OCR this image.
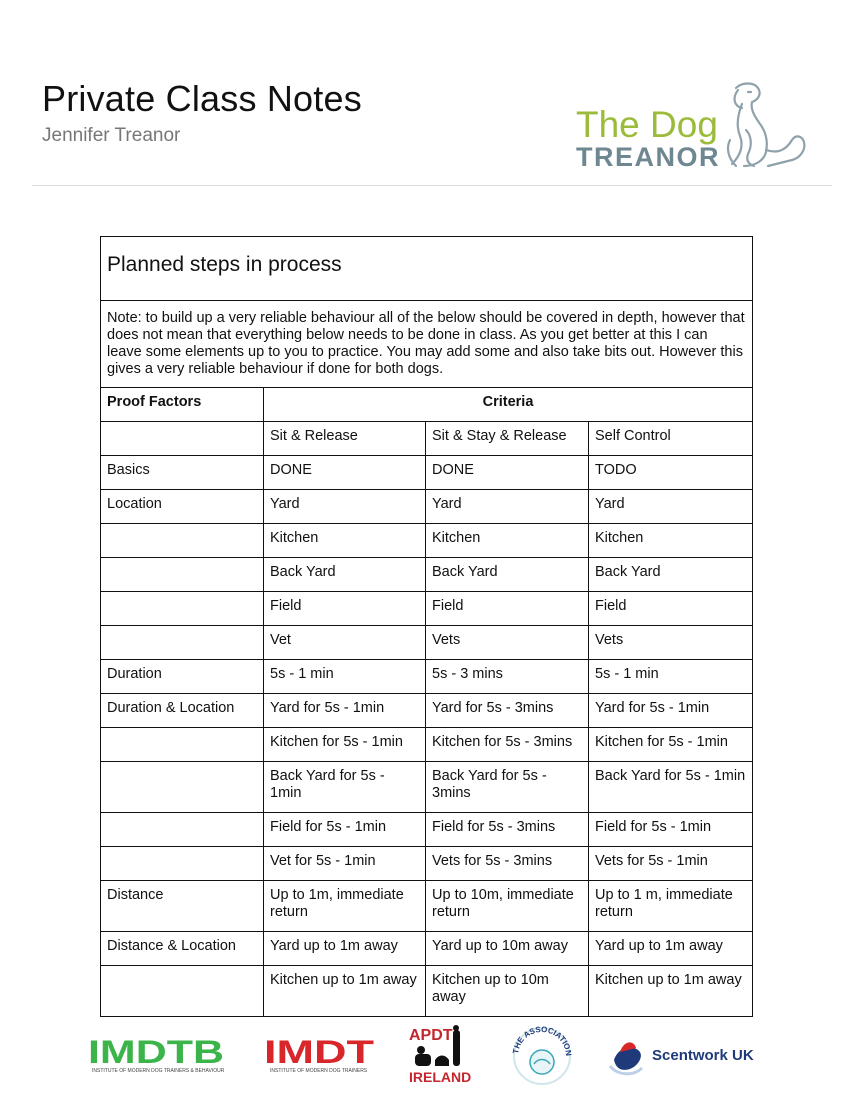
Private Class Notes
Jennifer Treanor	The Dog
TREANOR
Planned steps in process			
Note: to build up a very reliable behaviour all of the below should be covered in depth, however that does not mean that everything below needs to be done in class. As you get better at this I can leave some elements up to you to practice. You may add some and also take bits out. However this gives a very reliable behaviour if done for both dogs.			
Proof Factors	Criteria		
	Sit & Release	Sit & Stay & Release	Self Control
Basics	DONE	DONE	TODO
Location	Yard	Yard	Yard
	Kitchen	Kitchen	Kitchen
	Back Yard	Back Yard	Back Yard
	Field	Field	Field
	Vet	Vets	Vets
Duration	5s - 1 min	5s - 3 mins	5s - 1 min
Duration & Location	Yard for 5s - 1min	Yard for 5s - 3mins	Yard for 5s - 1min
	Kitchen for 5s - 1min	Kitchen for 5s - 3mins	Kitchen for 5s - 1min
	Back Yard for 5s - 1min	Back Yard for 5s - 3mins	Back Yard for 5s - 1min
	Field for 5s - 1min	Field for 5s - 3mins	Field for 5s - 1min
	Vet for 5s - 1min	Vets for 5s - 3mins	Vets for 5s - 1min
Distance	Up to 1m, immediate return	Up to 10m, immediate return	Up to 1 m, immediate return
Distance & Location	Yard up to 1m away	Yard up to 10m away	Yard up to 1m away
	Kitchen up to 1m away	Kitchen up to 10m away	Kitchen up to 1m away
IMDTB
INSTITUTE OF MODERN DOG TRAINERS & BEHAVIOUR
IMDT
INSTITUTE OF MODERN DOG TRAINERS
APDT
IRELAND
THE ASSOCIATION	Scentwork UK
